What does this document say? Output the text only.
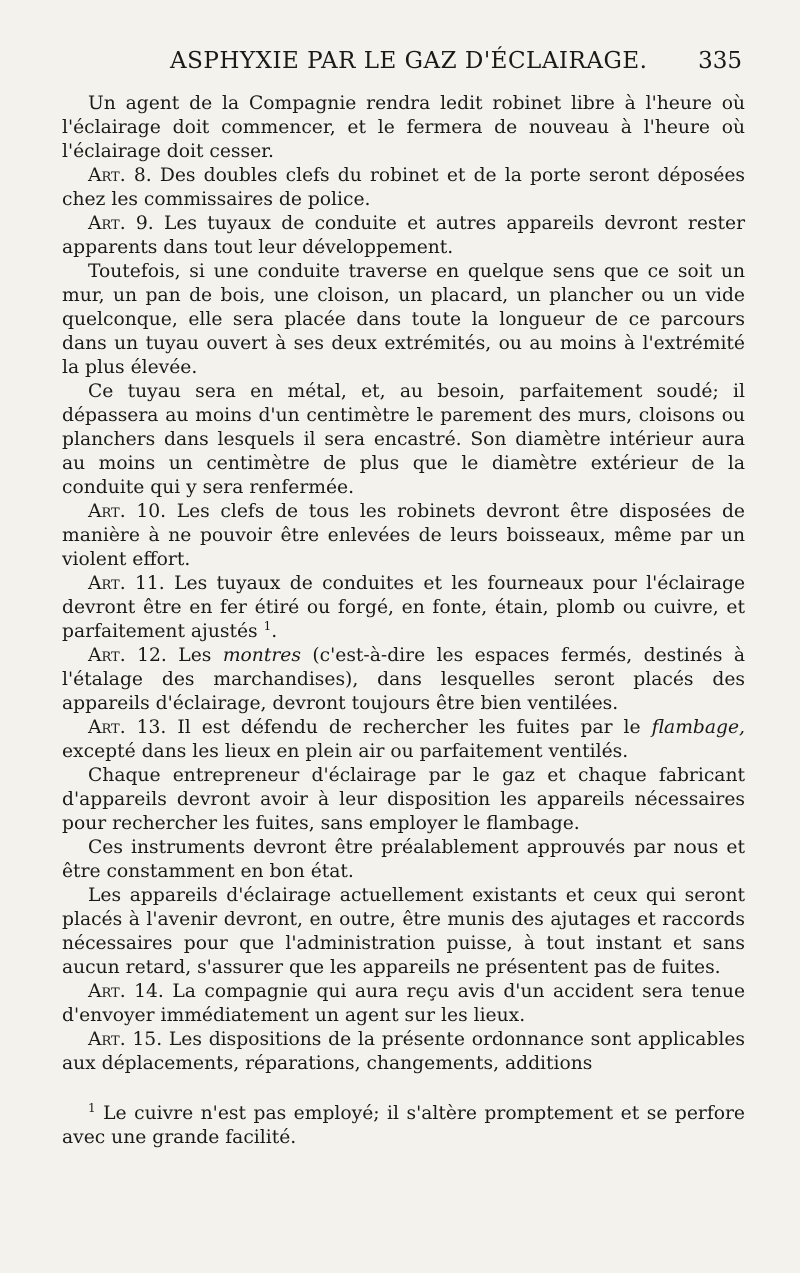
ASPHYXIE PAR LE GAZ D'ÉCLAIRAGE. 335

Un agent de la Compagnie rendra ledit robinet libre à l'heure où l'éclairage doit commencer, et le fermera de nouveau à l'heure où l'éclairage doit cesser.

Art. 8. Des doubles clefs du robinet et de la porte seront déposées chez les commissaires de police.

Art. 9. Les tuyaux de conduite et autres appareils devront rester apparents dans tout leur développement.

Toutefois, si une conduite traverse en quelque sens que ce soit un mur, un pan de bois, une cloison, un placard, un plancher ou un vide quelconque, elle sera placée dans toute la longueur de ce parcours dans un tuyau ouvert à ses deux extrémités, ou au moins à l'extrémité la plus élevée.

Ce tuyau sera en métal, et, au besoin, parfaitement soudé; il dépassera au moins d'un centimètre le parement des murs, cloisons ou planchers dans lesquels il sera encastré. Son diamètre intérieur aura au moins un centimètre de plus que le diamètre extérieur de la conduite qui y sera renfermée.

Art. 10. Les clefs de tous les robinets devront être disposées de manière à ne pouvoir être enlevées de leurs boisseaux, même par un violent effort.

Art. 11. Les tuyaux de conduites et les fourneaux pour l'éclairage devront être en fer étiré ou forgé, en fonte, étain, plomb ou cuivre, et parfaitement ajustés $^1$.

Art. 12. Les montres (c'est-à-dire les espaces fermés, destinés à l'étalage des marchandises), dans lesquelles seront placés des appareils d'éclairage, devront toujours être bien ventilées.

Art. 13. Il est défendu de rechercher les fuites par le flambage, excepté dans les lieux en plein air ou parfaitement ventilés.

Chaque entrepreneur d'éclairage par le gaz et chaque fabricant d'appareils devront avoir à leur disposition les appareils nécessaires pour rechercher les fuites, sans employer le flambage.

Ces instruments devront être préalablement approuvés par nous et être constamment en bon état.

Les appareils d'éclairage actuellement existants et ceux qui seront placés à l'avenir devront, en outre, être munis des ajutages et raccords nécessaires pour que l'administration puisse, à tout instant et sans aucun retard, s'assurer que les appareils ne présentent pas de fuites.

Art. 14. La compagnie qui aura reçu avis d'un accident sera tenue d'envoyer immédiatement un agent sur les lieux.

Art. 15. Les dispositions de la présente ordonnance sont applicables aux déplacements, réparations, changements, additions

$^1$ Le cuivre n'est pas employé; il s'altère promptement et se perfore avec une grande facilité.
